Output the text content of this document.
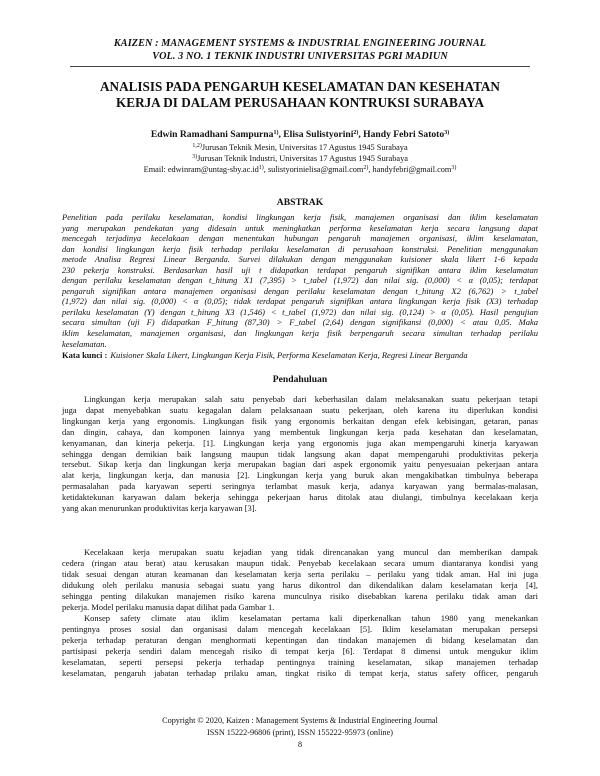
KAIZEN : MANAGEMENT SYSTEMS & INDUSTRIAL ENGINEERING JOURNAL
VOL. 3 NO. 1 TEKNIK INDUSTRI UNIVERSITAS PGRI MADIUN
ANALISIS PADA PENGARUH KESELAMATAN DAN KESEHATAN
KERJA DI DALAM PERUSAHAAN KONTRUKSI SURABAYA
Edwin Ramadhani Sampurna$^{1)}$, Elisa Sulistyorini$^{2)}$, Handy Febri Satoto$^{3)}$
$^{1,2)}$Jurusan Teknik Mesin, Universitas 17 Agustus 1945 Surabaya
$^{3)}$Jurusan Teknik Industri, Universitas 17 Agustus 1945 Surabaya
Email: $edwinram@untag-sby.ac.id^{1)}$, sulistyorinielisa@gmail.com$^{2)}$, handyfebri@gmail.com$^{3)}$
ABSTRAK
Penelitian pada perilaku keselamatan, kondisi lingkungan kerja fisik, manajemen organisasi dan iklim keselamatan
yang merupakan pendekatan yang didesain untuk meningkatkan performa keselamatan kerja secara langsung dapat
mencegah terjadinya kecelakaan dengan menentukan hubungan pengaruh manajemen organisasi, iklim keselamatan,
dan kondisi lingkungan kerja fisik terhadap perilaku keselamatan di perusahaan konstruksi. Penelitian menggunakan
metode Analisa Regresi Linear Berganda. Survei dilakukan dengan menggunakan kuisioner skala likert 1-6 kepada
230 pekerja konstruksi. Berdasarkan hasil uji t didapatkan terdapat pengaruh signifikan antara iklim keselamatan
dengan perilaku keselamatan dengan t_hitung X1 (7,395) > t_tabel (1,972) dan nilai sig. (0,000) < α (0,05); terdapat
pengaruh signifikan antara manajemen organisasi dengan perilaku keselamatan dengan t_hitung X2 (6,762) > t_tabel
(1,972) dan nilai sig. (0,000) < α (0,05); tidak terdapat pengaruh signifikan antara lingkungan kerja fisik (X3) terhadap
perilaku keselamatan (Y) dengan t_hitung X3 (1,546) < t_tabel (1,972) dan nilai sig. (0,124) > α (0,05). Hasil pengujian
secara simultan (uji F) didapatkan F_hitung (87,30) > F_tabel (2,64) dengan signifikansi (0,000) < atau 0,05. Maka
iklim keselamatan, manajemen organisasi, dan lingkungan kerja fisik berpengaruh secara simultan terhadap perilaku
keselamatan.
Kata kunci : Kuisioner Skala Likert, Lingkungan Kerja Fisik, Performa Keselamatan Kerja, Regresi Linear Berganda
Pendahuluan
Lingkungan kerja merupakan salah satu penyebab dari keberhasilan dalam melaksanakan suatu pekerjaan tetapi
juga dapat menyebabkan suatu kegagalan dalam pelaksanaan suatu pekerjaan, oleh karena itu diperlukan kondisi
lingkungan kerja yang ergonomis. Lingkungan fisik yang ergonomis berkaitan dengan efek kebisingan, getaran, panas
dan dingin, cahaya, dan komponen lainnya yang membentuk lingkungan kerja pada kesehatan dan keselamatan,
kenyamanan, dan kinerja pekerja. [1]. Lingkungan kerja yang ergonomis juga akan mempengaruhi kinerja karyawan
sehingga dengan demikian baik langsung maupun tidak langsung akan dapat mempengaruhi produktivitas pekerja
tersebut. Sikap kerja dan lingkungan kerja merupakan bagian dari aspek ergonomik yaitu penyesuaian pekerjaan antara
alat kerja, lingkungan kerja, dan manusia [2]. Lingkungan kerja yang buruk akan mengakibatkan timbulnya beberapa
permasalahan pada karyawan seperti seringnya terlambat masuk kerja, adanya karyawan yang bermalas-malasan,
ketidaktekunan karyawan dalam bekerja sehingga pekerjaan harus ditolak atau diulangi, timbulnya kecelakaan kerja
yang akan menurunkan produktivitas kerja karyawan [3].
Kecelakaan kerja merupakan suatu kejadian yang tidak direncanakan yang muncul dan memberikan dampak
cedera (ringan atau berat) atau kerusakan maupun tidak. Penyebab kecelakaan secara umum diantaranya kondisi yang
tidak sesuai dengan aturan keamanan dan keselamatan kerja serta perilaku – perilaku yang tidak aman. Hal ini juga
didukung oleh perilaku manusia sebagai suatu yang harus dikontrol dan dikendalikan dalam keselamatan kerja [4],
sehingga penting dilakukan manajemen risiko karena munculnya risiko disebabkan karena perilaku tidak aman dari
pekerja. Model perilaku manusia dapat dilihat pada Gambar 1.
Konsep safety climate atau iklim keselamatan pertama kali diperkenalkan tahun 1980 yang menekankan
pentingnya proses sosial dan organisasi dalam mencegah kecelakaan [5]. Iklim keselamatan merupakan persepsi
pekerja terhadap peraturan dengan menghormati kepentingan dan tindakan manajemen di bidang keselamatan dan
partisipasi pekerja sendiri dalam mencegah risiko di tempat kerja [6]. Terdapat 8 dimensi untuk mengukur iklim
keselamatan, seperti persepsi pekerja terhadap pentingnya training keselamatan, sikap manajemen terhadap
keselamatan, pengaruh jabatan terhadap prilaku aman, tingkat risiko di tempat kerja, status safety officer, pengaruh
Copyright © 2020, Kaizen : Management Systems & Industrial Engineering Journal
ISSN 15222-96806 (print), ISSN 155222-95973 (online)
8
